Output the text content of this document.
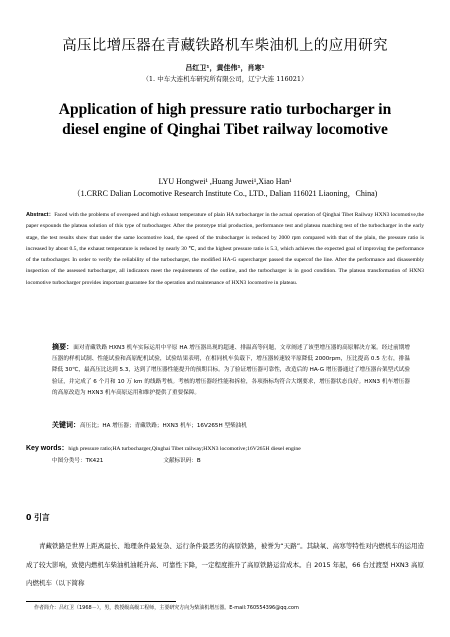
高压比增压器在青藏铁路机车柴油机上的应用研究
吕红卫¹，黄佳伟¹，肖寒¹
（1. 中车大连机车研究所有限公司，辽宁大连 116021）
Application of high pressure ratio turbocharger in diesel engine of Qinghai Tibet railway locomotive
LYU Hongwei¹ ,Huang Juwei¹,Xiao Han¹
（1.CRRC Dalian Locomotive Research Institute Co., LTD., Dalian 116021 Liaoning，China)
Abstract：Faced with the problems of overspeed and high exhaust temperature of plain HA turbocharger in the actual operation of Qinghai Tibet Railway HXN3 locomotive,the paper expounds the plateau solution of this type of turbocharger. After the prototype trial production, performance test and plateau matching test of the turbocharger in the early stage, the test results show that under the same locomotive load, the speed of the trubocharger is reduced by 2000 rpm compared with that of the plain, the pressure ratio is increased by about 0.5, the exhaust temperature is reduced by nearly 30 ℃, and the highest pressure ratio is 5.3, which achieves the expected goal of improving the performance of the turbocharger. In order to verify the reliability of the turbocharger, the modified HA-G supercharger passed the supercof the line. After the performance and disassembly inspection of the assessed turbocharger, all indicators meet the requirements of the outline, and the turbocharger is in good condition. The plateau transformation of HXN3 locomotive turbocharger provides important guarantee for the operation and maintenance of HXN3 locomotive in plateau.
摘要：面对青藏铁路 HXN3 机车实际运用中平原 HA 增压器出现的超速、排温高等问题，文章阐述了该型增压器的高原解决方案。经过前期增压器的样机试制、性能试验和高原配机试验，试验结果表明，在相同机车负载下，增压器转速较平原降低 2000rpm，压比提高 0.5 左右，排温降低 30℃，最高压比达到 5.3，达到了增压器性能提升的预期目标。为了验证增压器可靠性，改造后的 HA-G 增压器通过了增压器台架型式试验验证，并完成了 6 个月和 10 万 km 的线路考核。考核的增压器经性能和拆检，各项指标均符合大纲要求，增压器状态良好。HXN3 机车增压器的高原改造为 HXN3 机车高原运用和维护提供了重要保障。
关键词：高压比；HA 增压器；青藏铁路；HXN3 机车；16V265H 型柴油机
Key words：high pressure ratio;HA turbocharger,Qinghai Tibet railway;HXN3 locomotive;16V265H diesel engine
中图分类号：TK421	文献标识码：B
0 引言
青藏铁路是世界上距离最长、地理条件最复杂、运行条件最恶劣的高原铁路，被誉为“天路”。其缺氧、高寒等特性对内燃机车的运用造成了较大影响，致使内燃机车柴油机油耗升高、可靠性下降，一定程度推升了高原铁路运营成本。自 2015 年起，66 台过渡型 HXN3 高原内燃机车（以下简称
作者简介：吕红卫（1968－），男，教授级高级工程师，主要研究方向为柴油机增压器。E-mail:760554396@qq.com
